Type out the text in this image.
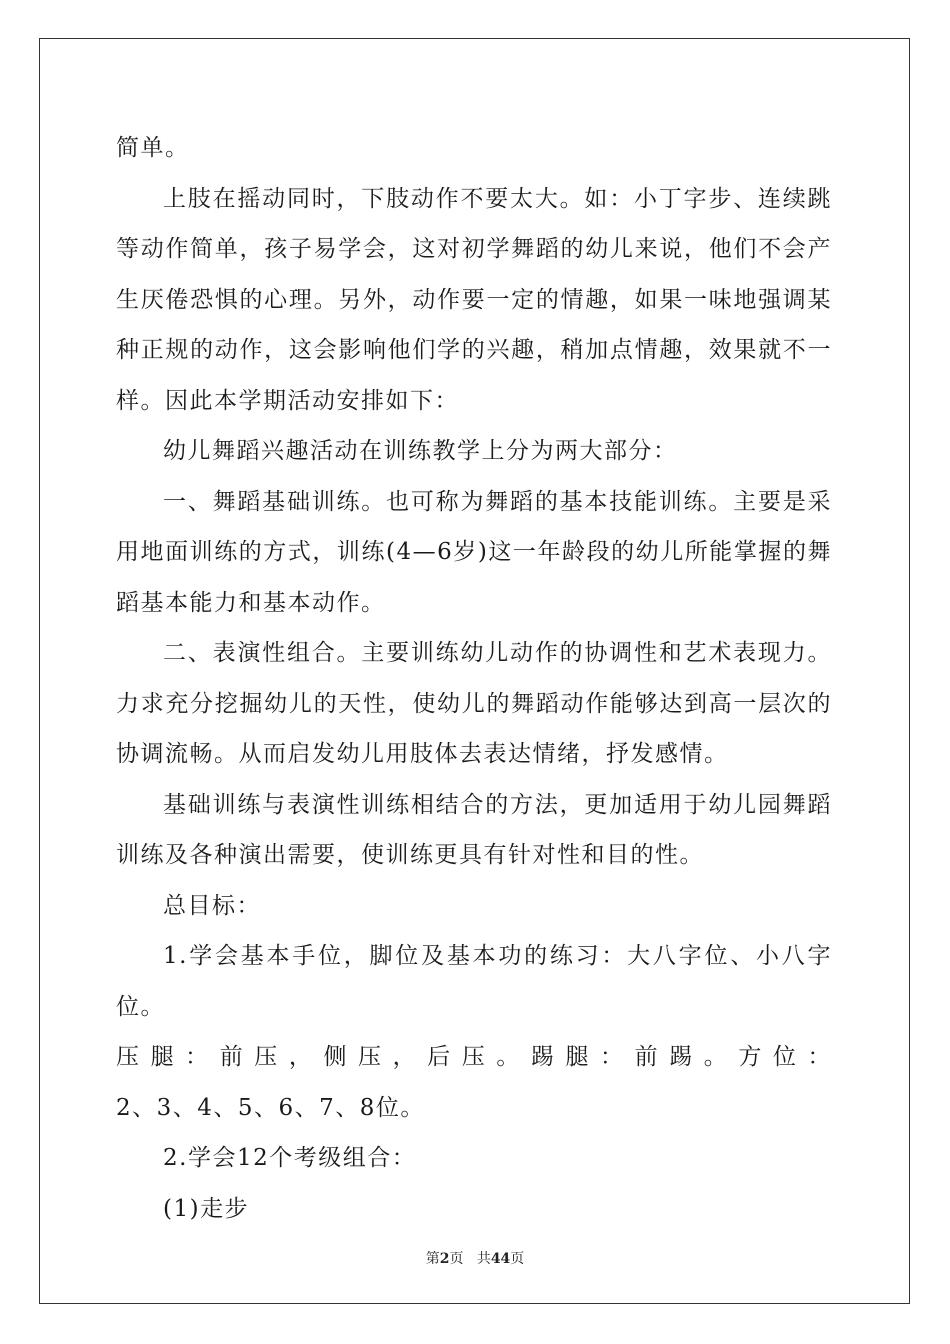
简单。

上肢在摇动同时，下肢动作不要太大。如：小丁字步、连续跳等动作简单，孩子易学会，这对初学舞蹈的幼儿来说，他们不会产生厌倦恐惧的心理。另外，动作要一定的情趣，如果一味地强调某种正规的动作，这会影响他们学的兴趣，稍加点情趣，效果就不一样。因此本学期活动安排如下：

幼儿舞蹈兴趣活动在训练教学上分为两大部分：

一、舞蹈基础训练。也可称为舞蹈的基本技能训练。主要是采用地面训练的方式，训练(4—6岁)这一年龄段的幼儿所能掌握的舞蹈基本能力和基本动作。

二、表演性组合。主要训练幼儿动作的协调性和艺术表现力。力求充分挖掘幼儿的天性，使幼儿的舞蹈动作能够达到高一层次的协调流畅。从而启发幼儿用肢体去表达情绪，抒发感情。

基础训练与表演性训练相结合的方法，更加适用于幼儿园舞蹈训练及各种演出需要，使训练更具有针对性和目的性。

总目标：

1.学会基本手位，脚位及基本功的练习：大八字位、小八字位。

压腿：前压，侧压，后压。踢腿：前踢。方位：

2、3、4、5、6、7、8位。

2.学会12个考级组合：

(1)走步

第2页 共44页
